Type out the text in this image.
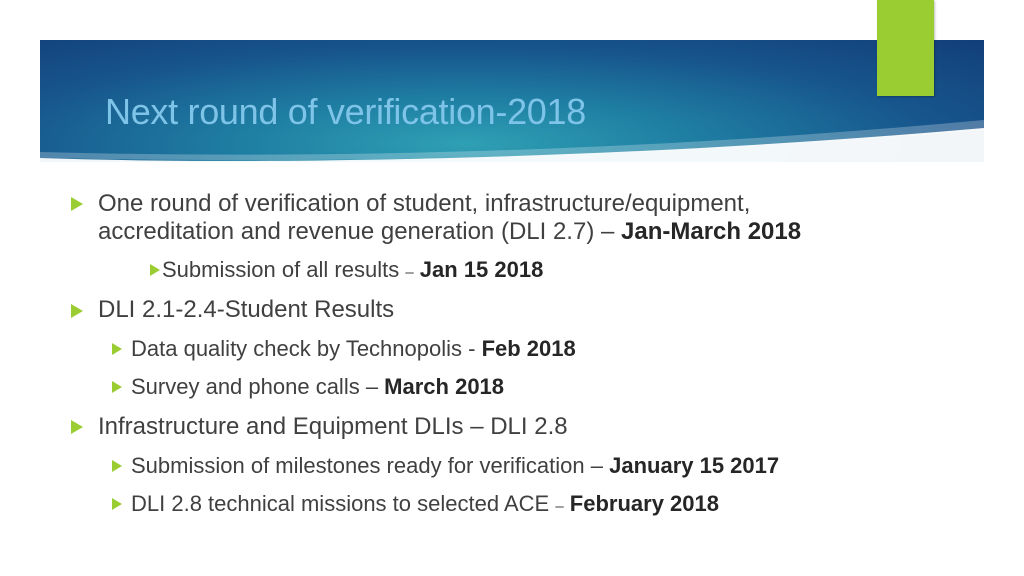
Next round of verification-2018
One round of verification of student, infrastructure/equipment,
accreditation and revenue generation (DLI 2.7) – Jan-March 2018
Submission of all results – Jan 15 2018
DLI 2.1-2.4-Student Results
Data quality check by Technopolis - Feb 2018
Survey and phone calls – March 2018
Infrastructure and Equipment DLIs – DLI 2.8
Submission of milestones ready for verification – January 15 2017
DLI 2.8 technical missions to selected ACE – February 2018
